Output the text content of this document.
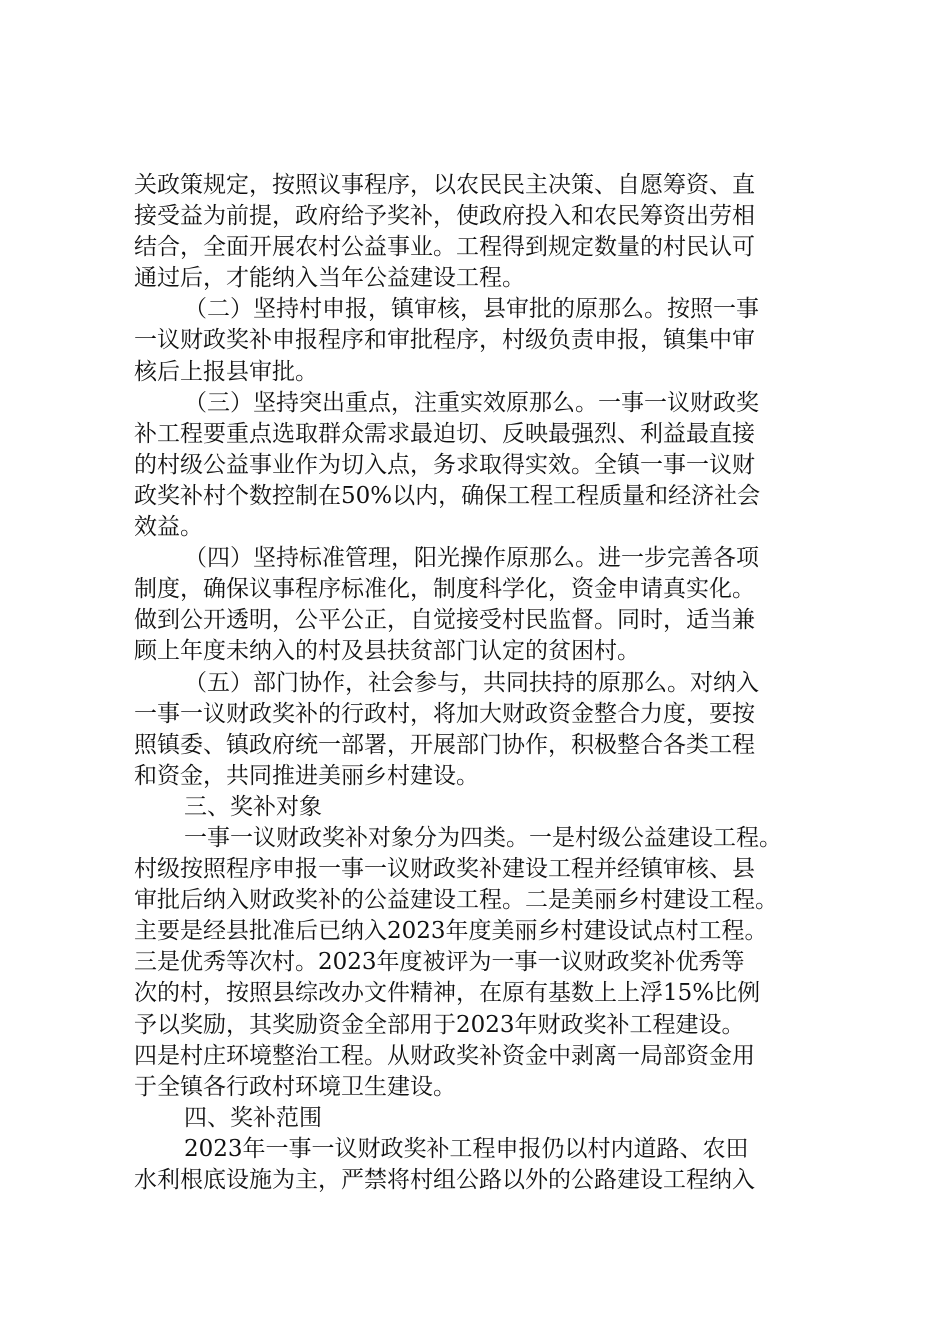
关政策规定，按照议事程序，以农民民主决策、自愿筹资、直
接受益为前提，政府给予奖补，使政府投入和农民筹资出劳相
结合，全面开展农村公益事业。工程得到规定数量的村民认可
通过后，才能纳入当年公益建设工程。
（二）坚持村申报，镇审核，县审批的原那么。按照一事
一议财政奖补申报程序和审批程序，村级负责申报，镇集中审
核后上报县审批。
（三）坚持突出重点，注重实效原那么。一事一议财政奖
补工程要重点选取群众需求最迫切、反映最强烈、利益最直接
的村级公益事业作为切入点，务求取得实效。全镇一事一议财
政奖补村个数控制在50%以内，确保工程工程质量和经济社会
效益。
（四）坚持标准管理，阳光操作原那么。进一步完善各项
制度，确保议事程序标准化，制度科学化，资金申请真实化。
做到公开透明，公平公正，自觉接受村民监督。同时，适当兼
顾上年度未纳入的村及县扶贫部门认定的贫困村。
（五）部门协作，社会参与，共同扶持的原那么。对纳入
一事一议财政奖补的行政村，将加大财政资金整合力度，要按
照镇委、镇政府统一部署，开展部门协作，积极整合各类工程
和资金，共同推进美丽乡村建设。
三、奖补对象
一事一议财政奖补对象分为四类。一是村级公益建设工程。
村级按照程序申报一事一议财政奖补建设工程并经镇审核、县
审批后纳入财政奖补的公益建设工程。二是美丽乡村建设工程。
主要是经县批准后已纳入2023年度美丽乡村建设试点村工程。
三是优秀等次村。2023年度被评为一事一议财政奖补优秀等
次的村，按照县综改办文件精神，在原有基数上上浮15%比例
予以奖励，其奖励资金全部用于2023年财政奖补工程建设。
四是村庄环境整治工程。从财政奖补资金中剥离一局部资金用
于全镇各行政村环境卫生建设。
四、奖补范围
2023年一事一议财政奖补工程申报仍以村内道路、农田
水利根底设施为主，严禁将村组公路以外的公路建设工程纳入
